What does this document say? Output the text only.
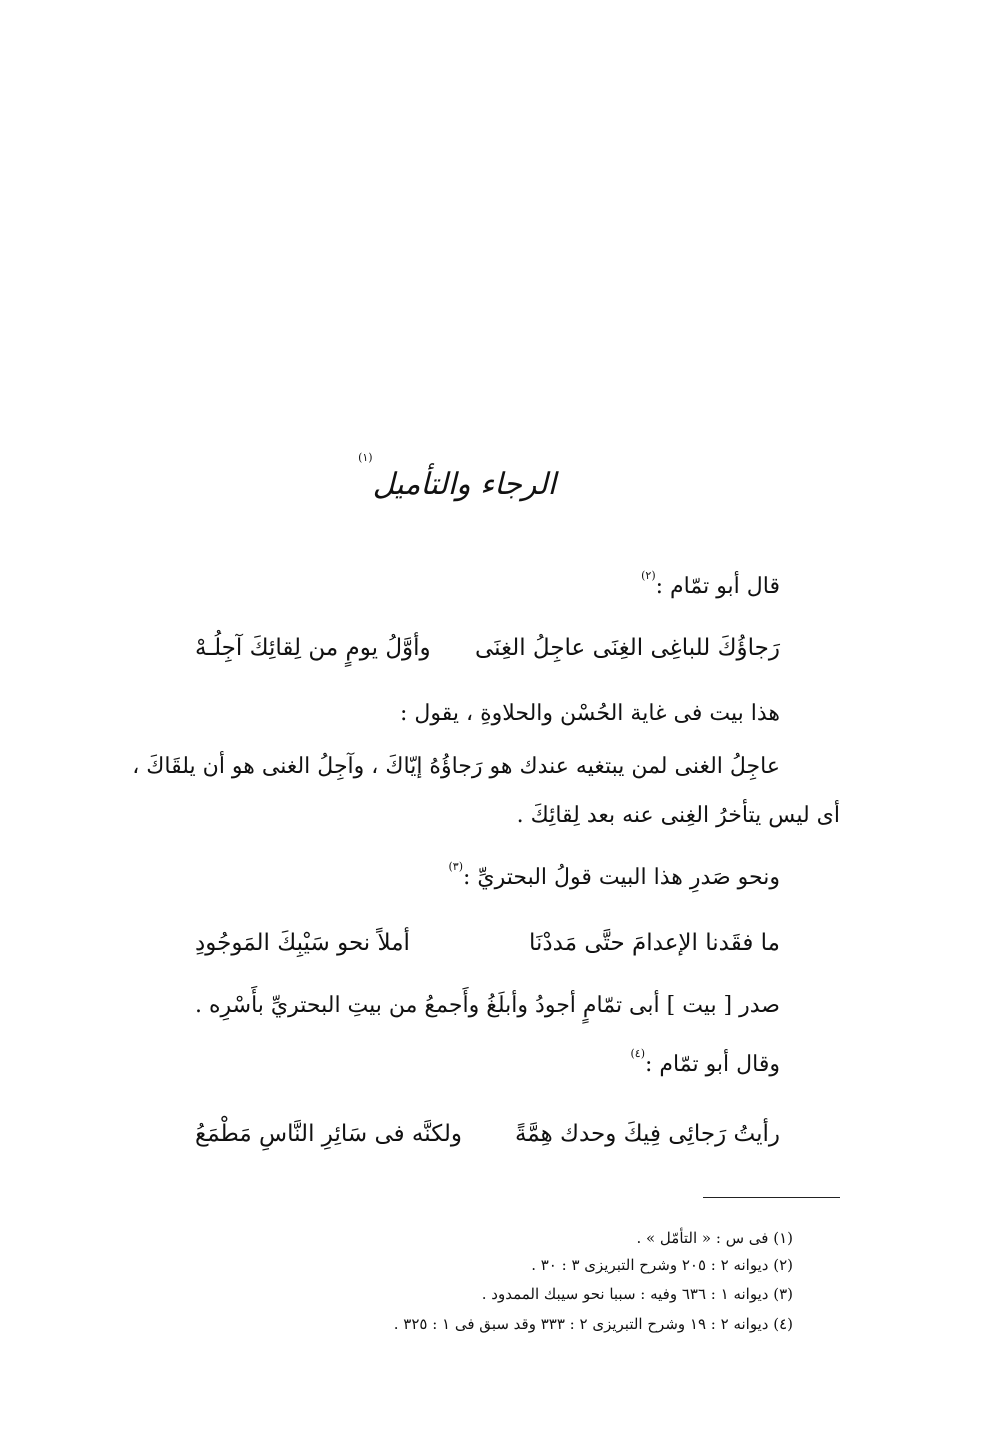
الرجاء والتأميل$^{(١)}$
قال أبو تمّام :$^{(٢)}$
رَجاؤُكَ للباغِى الغِنَى عاجِلُ الغِنَى
وأوَّلُ يومٍ من لِقائِكَ آجِلُـهْ
هذا بيت فى غاية الحُسْن والحلاوةِ ، يقول :
عاجِلُ الغنى لمن يبتغيه عندك هو رَجاؤُهُ إيّاكَ ، وآجِلُ الغنى هو أن يلقَاكَ ،
أى ليس يتأخرُ الغِنى عنه بعد لِقائِكَ .
ونحو صَدرِ هذا البيت قولُ البحتريِّ :$^{(٣)}$
ما فقَدنا الإعدامَ حتَّى مَددْنَا
أملاً نحو سَيْبِكَ المَوجُودِ
صدر [ بيت ] أبى تمّامٍ أجودُ وأبلَغُ وأَجمعُ من بيتِ البحتريِّ بأَسْرِه .
وقال أبو تمّام :$^{(٤)}$
رأيتُ رَجائِى فِيكَ وحدك هِمَّةً
ولكنَّه فى سَائِرِ النَّاسِ مَطْمَعُ
(١) فى س : « التأمّل » .
(٢) ديوانه ٢ : ٢٠٥ وشرح التبريزى ٣ : ٣٠ .
(٣) ديوانه ١ : ٦٣٦ وفيه : سببا نحو سيبك الممدود .
(٤) ديوانه ٢ : ١٩ وشرح التبريزى ٢ : ٣٣٣ وقد سبق فى ١ : ٣٢٥ .
